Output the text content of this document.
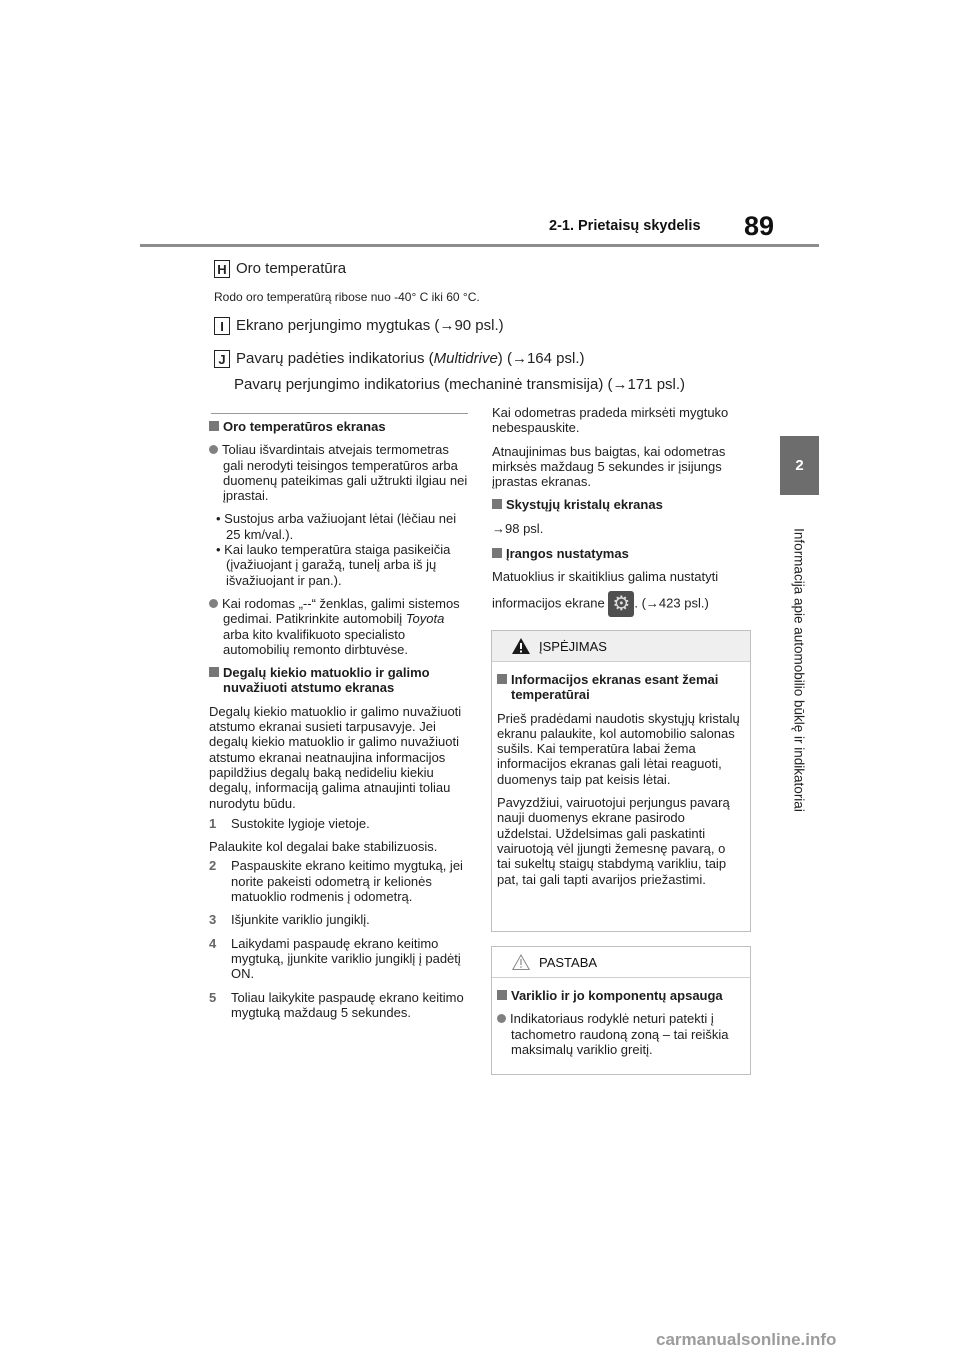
2-1. Prietaisų skydelis 89
2
Informacija apie automobilio būklę ir indikatoriai
H Oro temperatūra
Rodo oro temperatūrą ribose nuo -40° C iki 60 °C.
I Ekrano perjungimo mygtukas (→90 psl.)
J Pavarų padėties indikatorius (Multidrive) (→164 psl.)
Pavarų perjungimo indikatorius (mechaninė transmisija) (→171 psl.)

Oro temperatūros ekranas

Toliau išvardintais atvejais termometras gali nerodyti teisingos temperatūros arba duomenų pateikimas gali užtrukti ilgiau nei įprastai.

• Sustojus arba važiuojant lėtai (lėčiau nei 25 km/val.).

• Kai lauko temperatūra staiga pasikeičia (įvažiuojant į garažą, tunelį arba iš jų išvažiuojant ir pan.).

Kai rodomas „--“ ženklas, galimi sistemos gedimai. Patikrinkite automobilį Toyota arba kito kvalifikuoto specialisto automobilių remonto dirbtuvėse.

Degalų kiekio matuoklio ir galimo nuvažiuoti atstumo ekranas

Degalų kiekio matuoklio ir galimo nuvažiuoti atstumo ekranai susieti tarpusavyje. Jei degalų kiekio matuoklio ir galimo nuvažiuoti atstumo ekranai neatnaujina informacijos papildžius degalų baką nedideliu kiekiu degalų, informaciją galima atnaujinti toliau nurodytu būdu.

1 Sustokite lygioje vietoje.

Palaukite kol degalai bake stabilizuosis.

2 Paspauskite ekrano keitimo mygtuką, jei norite pakeisti odometrą ir kelionės matuoklio rodmenis į odometrą.

3 Išjunkite variklio jungiklį.

4 Laikydami paspaudę ekrano keitimo mygtuką, įjunkite variklio jungiklį į padėtį ON.

5 Toliau laikykite paspaudę ekrano keitimo mygtuką maždaug 5 sekundes.

Kai odometras pradeda mirksėti mygtuko nebespauskite.

Atnaujinimas bus baigtas, kai odometras mirksės maždaug 5 sekundes ir įsijungs įprastas ekranas.

Skystųjų kristalų ekranas

→98 psl.

Įrangos nustatymas

Matuoklius ir skaitiklius galima nustatyti

informacijos ekrane ⚙ . (→423 psl.)

ĮSPĖJIMAS

Informacijos ekranas esant žemai temperatūrai

Prieš pradėdami naudotis skystųjų kristalų ekranu palaukite, kol automobilio salonas sušils. Kai temperatūra labai žema informacijos ekranas gali lėtai reaguoti, duomenys taip pat keisis lėtai.

Pavyzdžiui, vairuotojui perjungus pavarą nauji duomenys ekrane pasirodo uždelstai. Uždelsimas gali paskatinti vairuotoją vėl įjungti žemesnę pavarą, o tai sukeltų staigų stabdymą varikliu, taip pat, tai gali tapti avarijos priežastimi.

PASTABA

Variklio ir jo komponentų apsauga

Indikatoriaus rodyklė neturi patekti į tachometro raudoną zoną – tai reiškia maksimalų variklio greitį.

carmanualsonline.info
